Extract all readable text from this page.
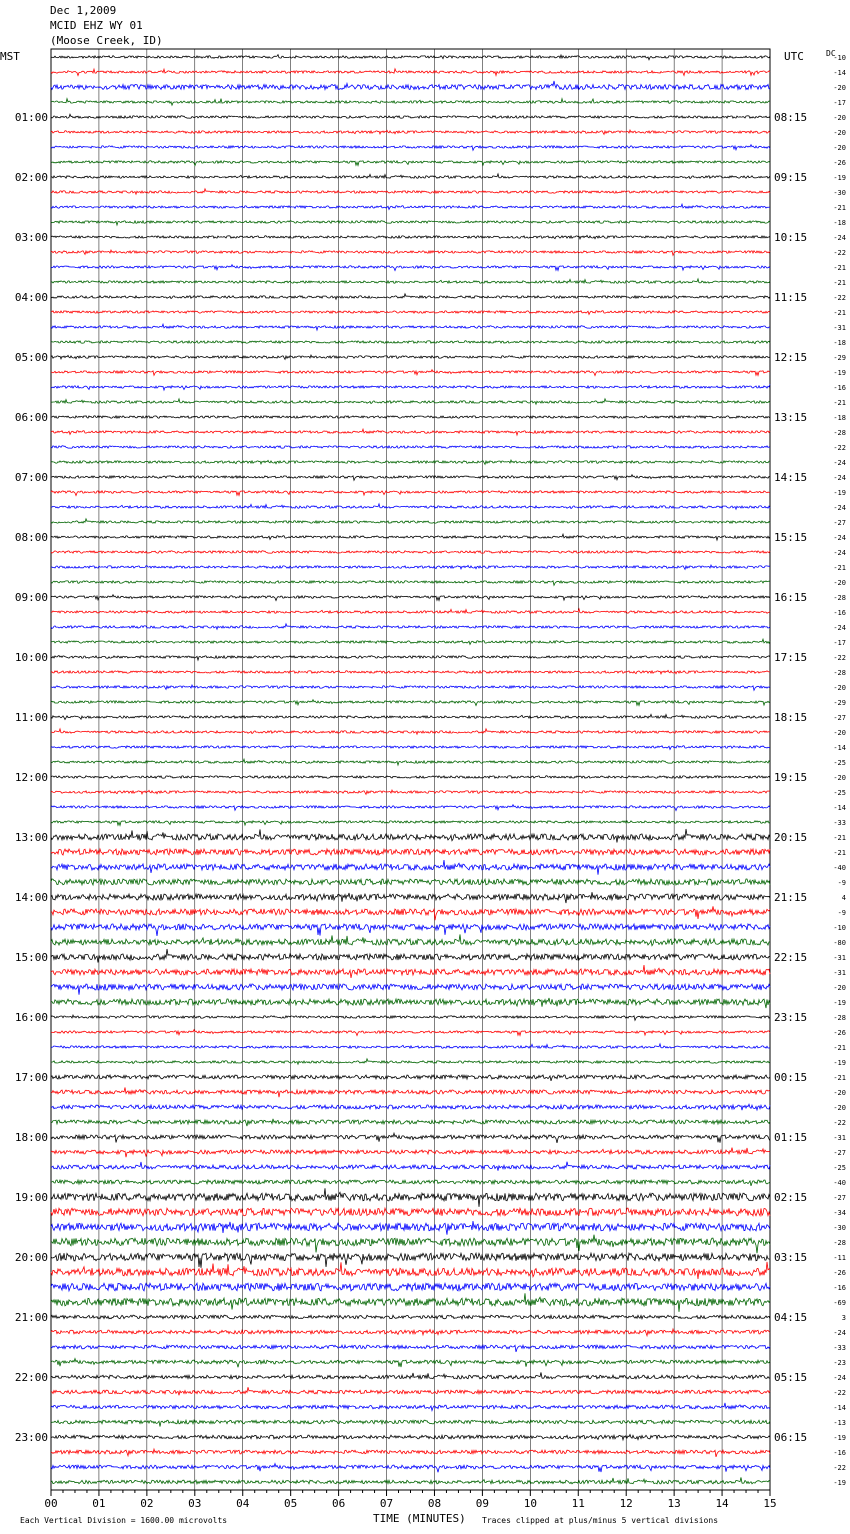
Dec 1,2009
MCID EHZ WY 01
(Moose Creek, ID)
MST	UTC	DC
00	01	02	03	04	05	06	07	08	09	10	11	12	13	14	15
-10
-14
-20
-17
-20
-20
-20
-26
-19
-30
-21
-18
-24
-22
-21
-21
-22
-21
-31
-18
-29
-19
-16
-21
-18
-28
-22
-24
-24
-19
-24
-27
-24
-24
-21
-20
-28
-16
-24
-17
-22
-28
-20
-29
-27
-20
-14
-25
-20
-25
-14
-33
-21
-21
-40
-9
4
-9
-10
-80
-31
-31
-20
-19
-28
-26
-21
-19
-21
-20
-20
-22
-31
-27
-25
-40
-27
-34
-30
-28
-11
-26
-16
-69
3
-24
-33
-23
-24
-22
-14
-13
-19
-16
-22
-19
01:00
02:00
03:00
04:00
05:00
06:00
07:00
08:00
09:00
10:00
11:00
12:00
13:00
14:00
15:00
16:00
17:00
18:00
19:00
20:00
21:00
22:00
23:00
08:15
09:15
10:15
11:15
12:15
13:15
14:15
15:15
16:15
17:15
18:15
19:15
20:15
21:15
22:15
23:15
00:15
01:15
02:15
03:15
04:15
05:15
06:15
TIME (MINUTES)
Each Vertical Division = 1600.00 microvolts	Traces clipped at plus/minus 5 vertical divisions
